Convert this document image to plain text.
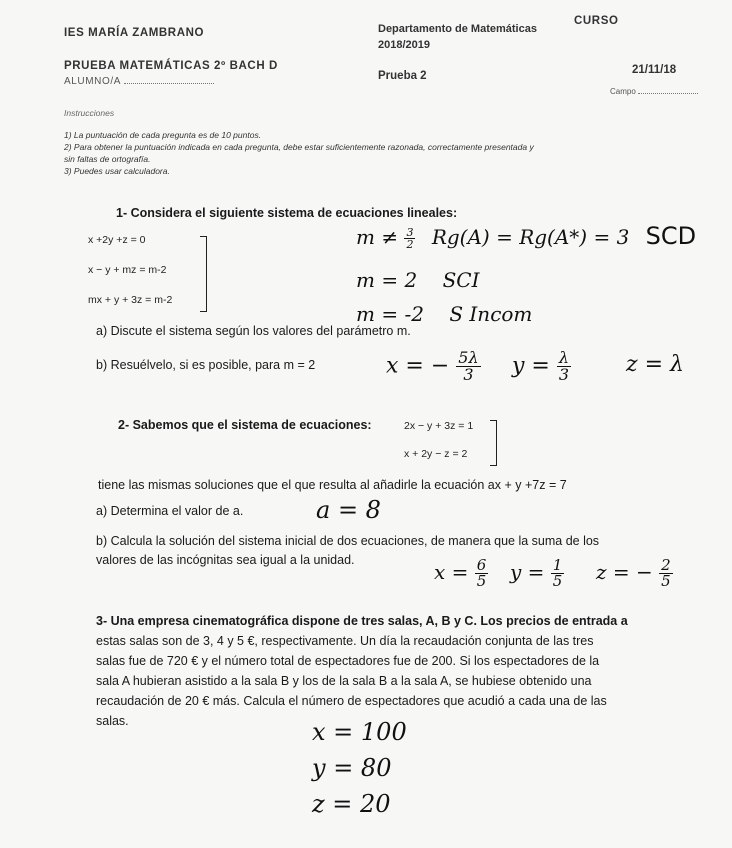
IES MARÍA ZAMBRANO	Departamento de Matemáticas
2018/2019
CURSO
PRUEBA MATEMÁTICAS 2º BACH D
ALUMNO/A	Prueba 2	21/11/18
Campo
Instrucciones
1) La puntuación de cada pregunta es de 10 puntos.
2) Para obtener la puntuación indicada en cada pregunta, debe estar suficientemente razonada, correctamente presentada y
sin faltas de ortografía.
3) Puedes usar calculadora.
1- Considera el siguiente sistema de ecuaciones lineales:
x +2y +z = 0
x − y + mz = m-2
mx + y + 3z = m-2
a) Discute el sistema según los valores del parámetro m.
b) Resuélvelo, si es posible, para m = 2
$m \ne \frac{3}{2} Rg(A) = Rg(A*) = 3$ SCD
m = 2    SCI
m = -2    S Incom
x = − $\frac{5\lambda}{3}$ $y = \frac{\lambda}{3}$	z = λ
2- Sabemos que el sistema de ecuaciones:	2x − y + 3z = 1
x + 2y − z = 2
tiene las mismas soluciones que el que resulta al añadirle la ecuación ax + y +7z = 7
a) Determina el valor de a.
b) Calcula la solución del sistema inicial de dos ecuaciones, de manera que la suma de los
valores de las incógnitas sea igual a la unidad.
a = 8
$x = \frac{6}{5}$ $y = \frac{1}{5}$ z = − $\frac{2}{5}$
3- Una empresa cinematográfica dispone de tres salas, A, B y C. Los precios de entrada a
estas salas son de 3, 4 y 5 €, respectivamente. Un día la recaudación conjunta de las tres
salas fue de 720 € y el número total de espectadores fue de 200. Si los espectadores de la
sala A hubieran asistido a la sala B y los de la sala B a la sala A, se hubiese obtenido una
recaudación de 20 € más. Calcula el número de espectadores que acudió a cada una de las
salas.	x = 100
y = 80
z = 20
